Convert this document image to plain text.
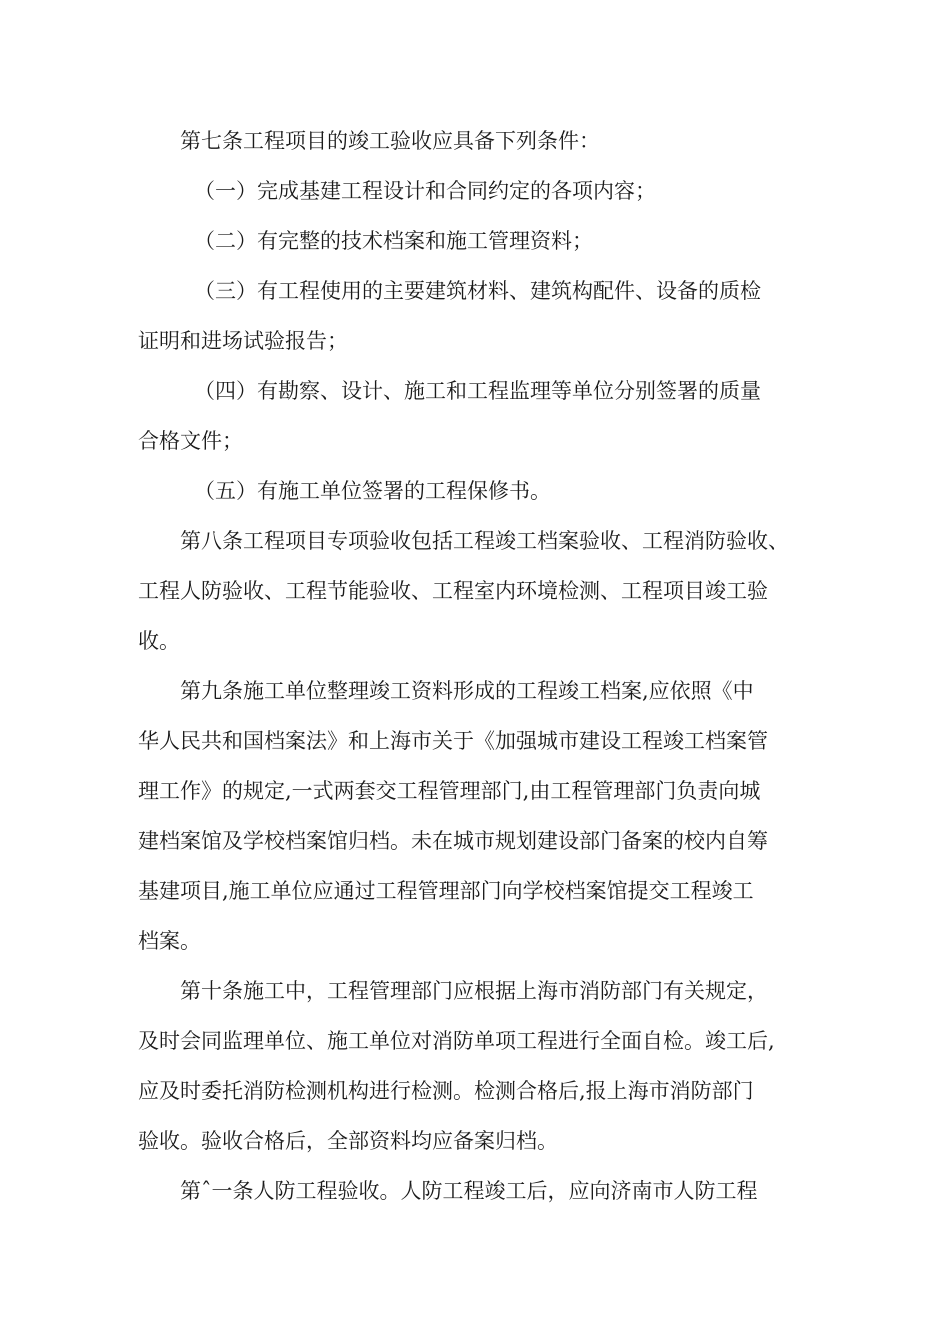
第七条工程项目的竣工验收应具备下列条件：

（一）完成基建工程设计和合同约定的各项内容；

（二）有完整的技术档案和施工管理资料；

（三）有工程使用的主要建筑材料、建筑构配件、设备的质检

证明和进场试验报告；

（四）有勘察、设计、施工和工程监理等单位分别签署的质量

合格文件；

（五）有施工单位签署的工程保修书。

第八条工程项目专项验收包括工程竣工档案验收、工程消防验收、

工程人防验收、工程节能验收、工程室内环境检测、工程项目竣工验

收。

第九条施工单位整理竣工资料形成的工程竣工档案,应依照《中

华人民共和国档案法》和上海市关于《加强城市建设工程竣工档案管

理工作》的规定,一式两套交工程管理部门,由工程管理部门负责向城

建档案馆及学校档案馆归档。未在城市规划建设部门备案的校内自筹

基建项目,施工单位应通过工程管理部门向学校档案馆提交工程竣工

档案。

第十条施工中，工程管理部门应根据上海市消防部门有关规定，

及时会同监理单位、施工单位对消防单项工程进行全面自检。竣工后,

应及时委托消防检测机构进行检测。检测合格后,报上海市消防部门

验收。验收合格后，全部资料均应备案归档。

第ˆ一条人防工程验收。人防工程竣工后，应向济南市人防工程
